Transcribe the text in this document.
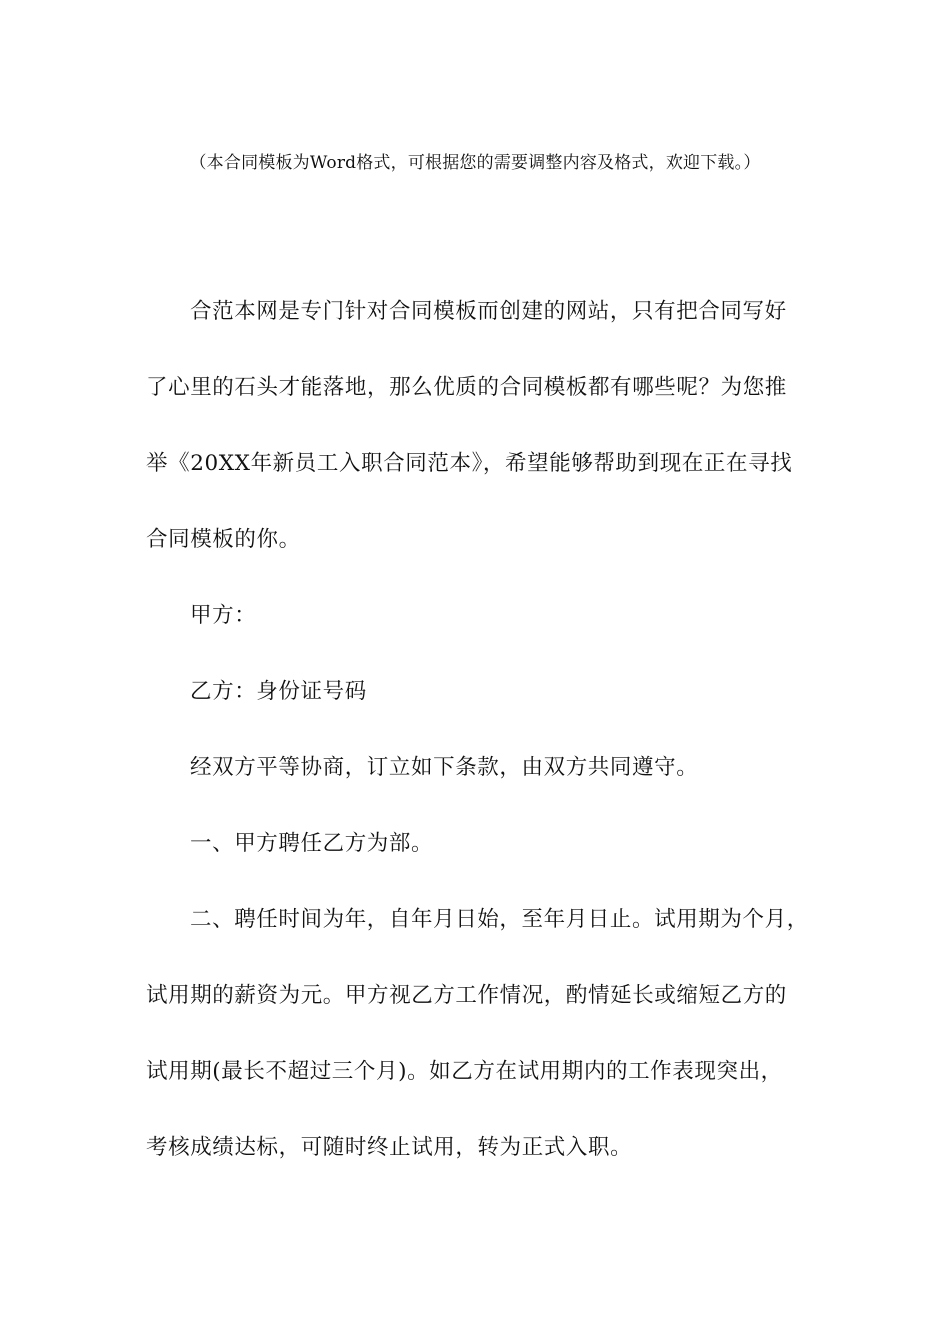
（本合同模板为Word格式，可根据您的需要调整内容及格式，欢迎下载。）

合范本网是专门针对合同模板而创建的网站，只有把合同写好

了心里的石头才能落地，那么优质的合同模板都有哪些呢？为您推

举《20XX年新员工入职合同范本》，希望能够帮助到现在正在寻找

合同模板的你。

甲方：

乙方：身份证号码

经双方平等协商，订立如下条款，由双方共同遵守。

一、甲方聘任乙方为部。

二、聘任时间为年，自年月日始，至年月日止。试用期为个月，

试用期的薪资为元。甲方视乙方工作情况，酌情延长或缩短乙方的

试用期(最长不超过三个月)。如乙方在试用期内的工作表现突出，

考核成绩达标，可随时终止试用，转为正式入职。
